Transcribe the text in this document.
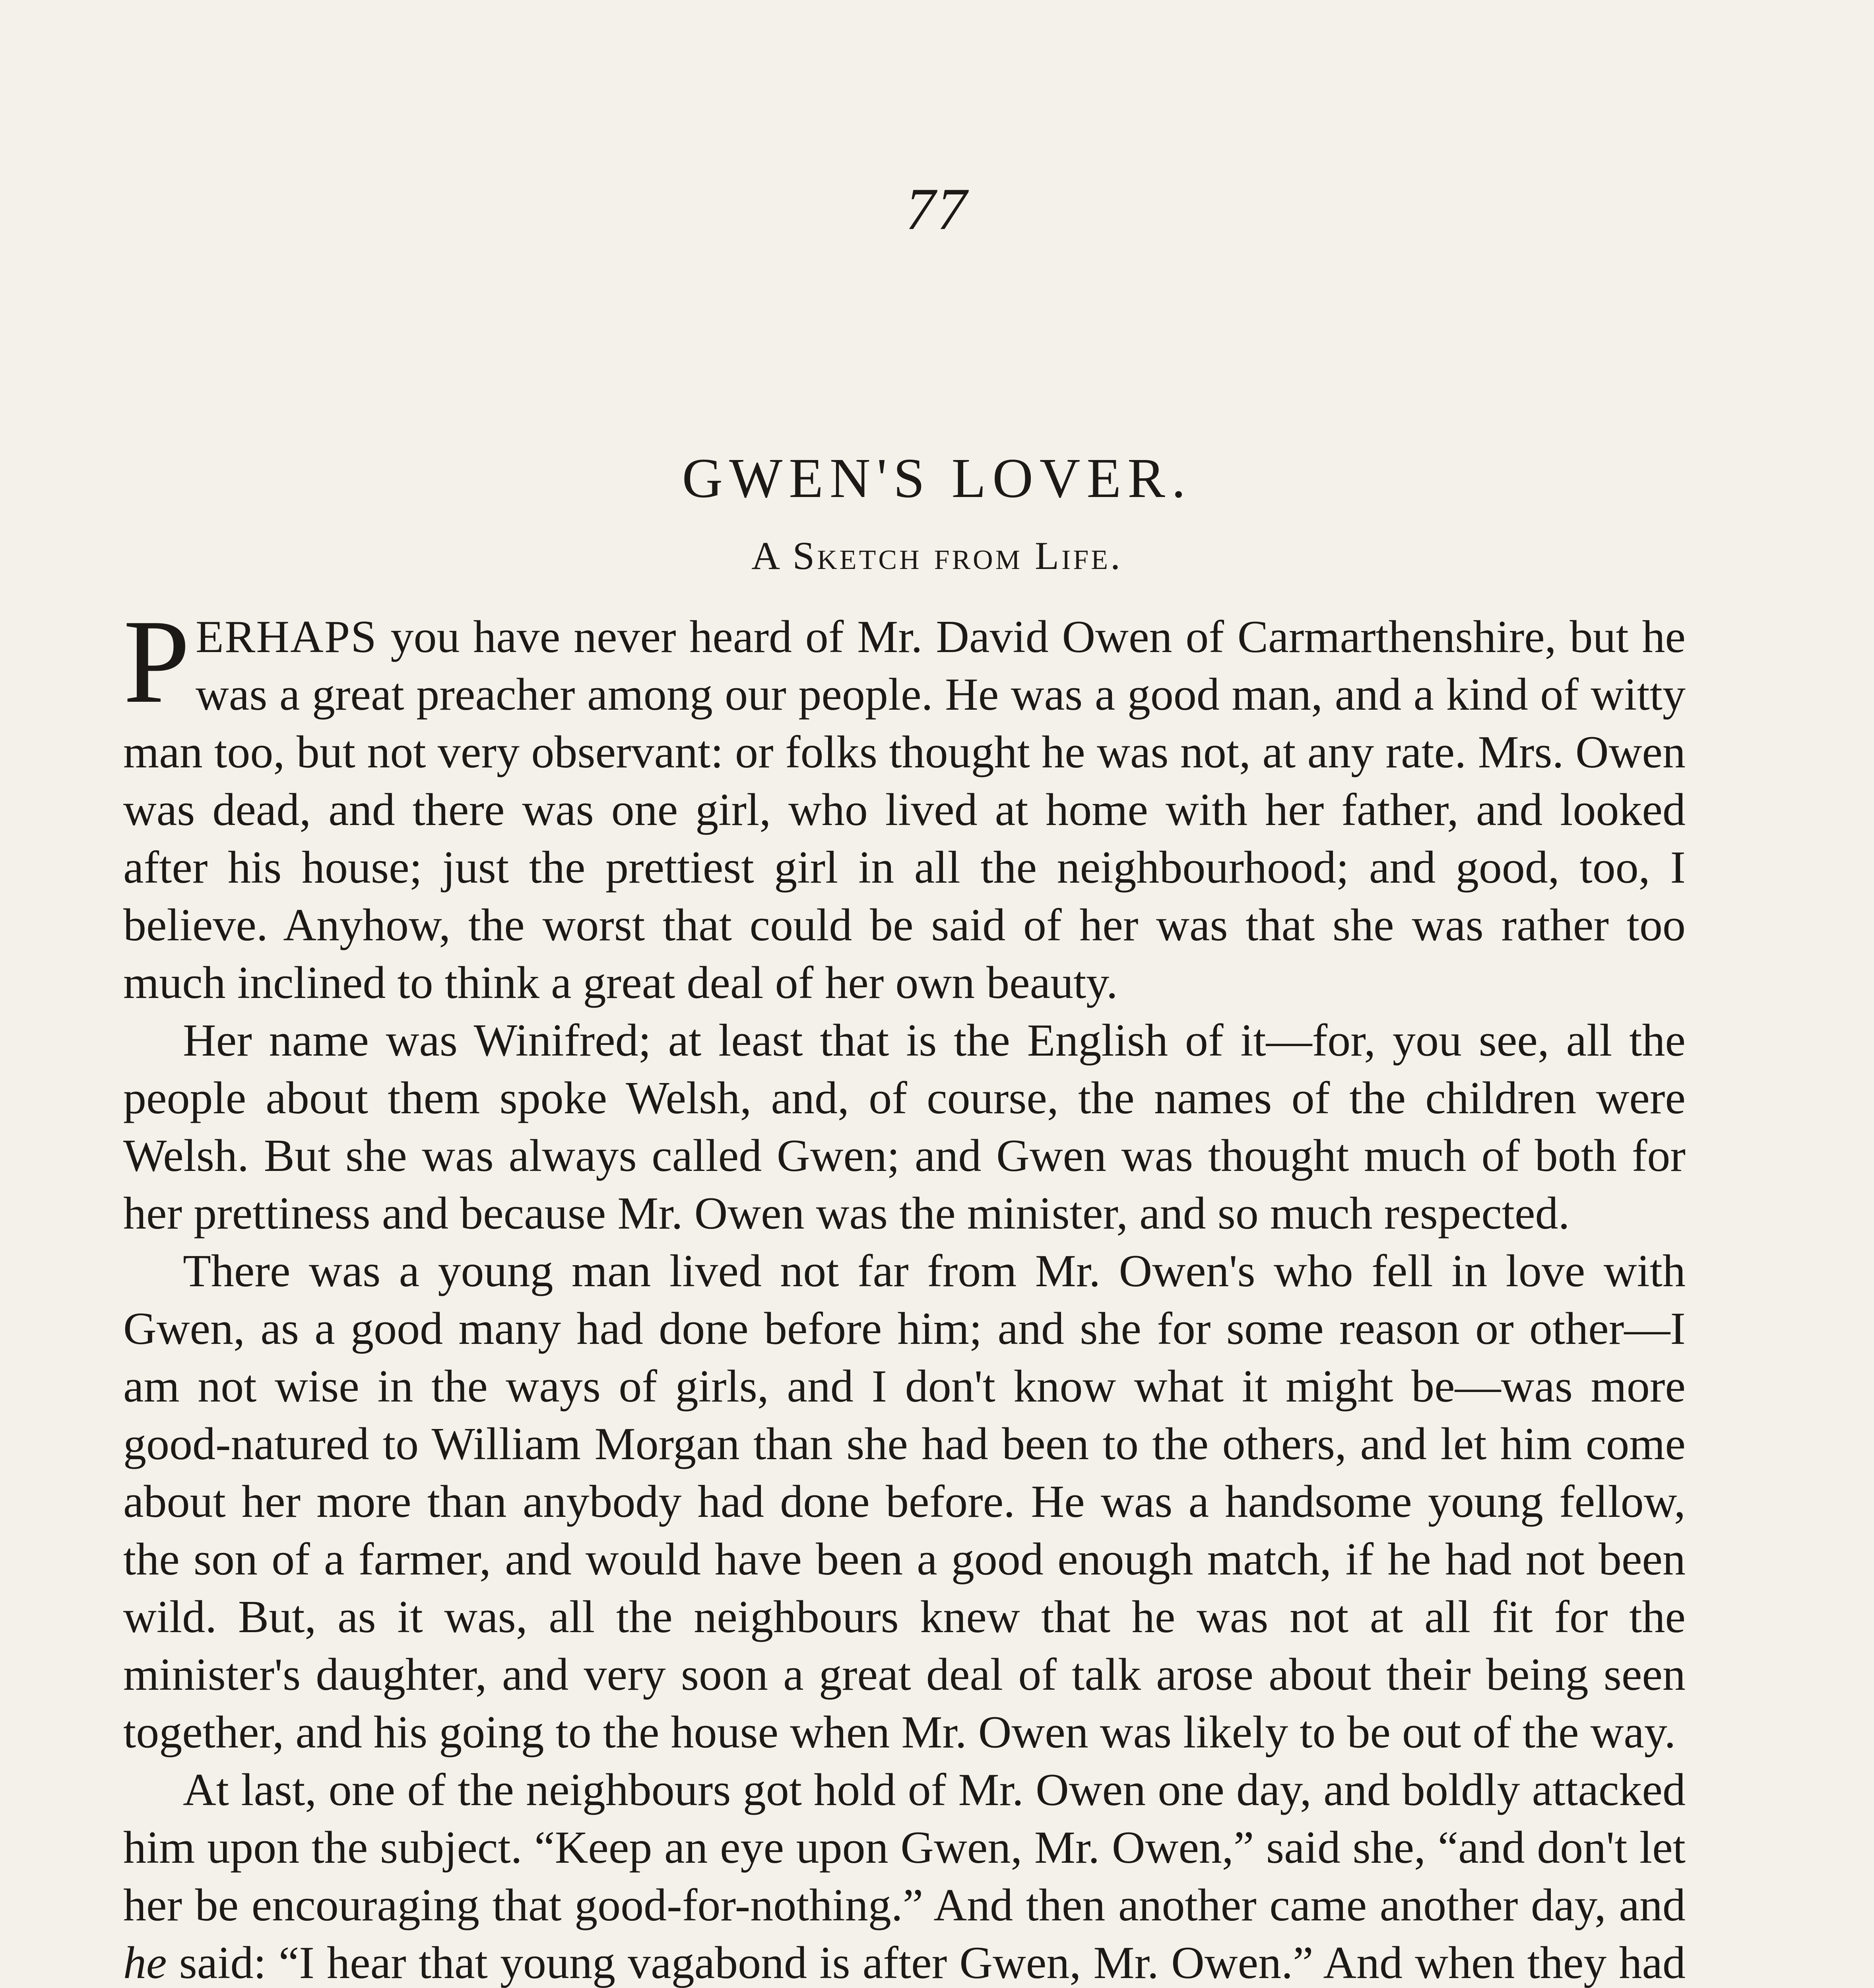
77
GWEN'S LOVER.
A Sketch from Life.

PERHAPS you have never heard of Mr. David Owen of Carmarthenshire, but he was a great preacher among our people. He was a good man, and a kind of witty man too, but not very observant: or folks thought he was not, at any rate. Mrs. Owen was dead, and there was one girl, who lived at home with her father, and looked after his house; just the prettiest girl in all the neighbourhood; and good, too, I believe. Anyhow, the worst that could be said of her was that she was rather too much inclined to think a great deal of her own beauty.

Her name was Winifred; at least that is the English of it—for, you see, all the people about them spoke Welsh, and, of course, the names of the children were Welsh. But she was always called Gwen; and Gwen was thought much of both for her prettiness and because Mr. Owen was the minister, and so much respected.

There was a young man lived not far from Mr. Owen's who fell in love with Gwen, as a good many had done before him; and she for some reason or other—I am not wise in the ways of girls, and I don't know what it might be—was more good-natured to William Morgan than she had been to the others, and let him come about her more than anybody had done before. He was a handsome young fellow, the son of a farmer, and would have been a good enough match, if he had not been wild. But, as it was, all the neighbours knew that he was not at all fit for the minister's daughter, and very soon a great deal of talk arose about their being seen together, and his going to the house when Mr. Owen was likely to be out of the way.

At last, one of the neighbours got hold of Mr. Owen one day, and boldly attacked him upon the subject. “Keep an eye upon Gwen, Mr. Owen,” said she, “and don't let her be encouraging that good-for-nothing.” And then another came another day, and he said: “I hear that young vagabond is after Gwen, Mr. Owen.” And when they had
